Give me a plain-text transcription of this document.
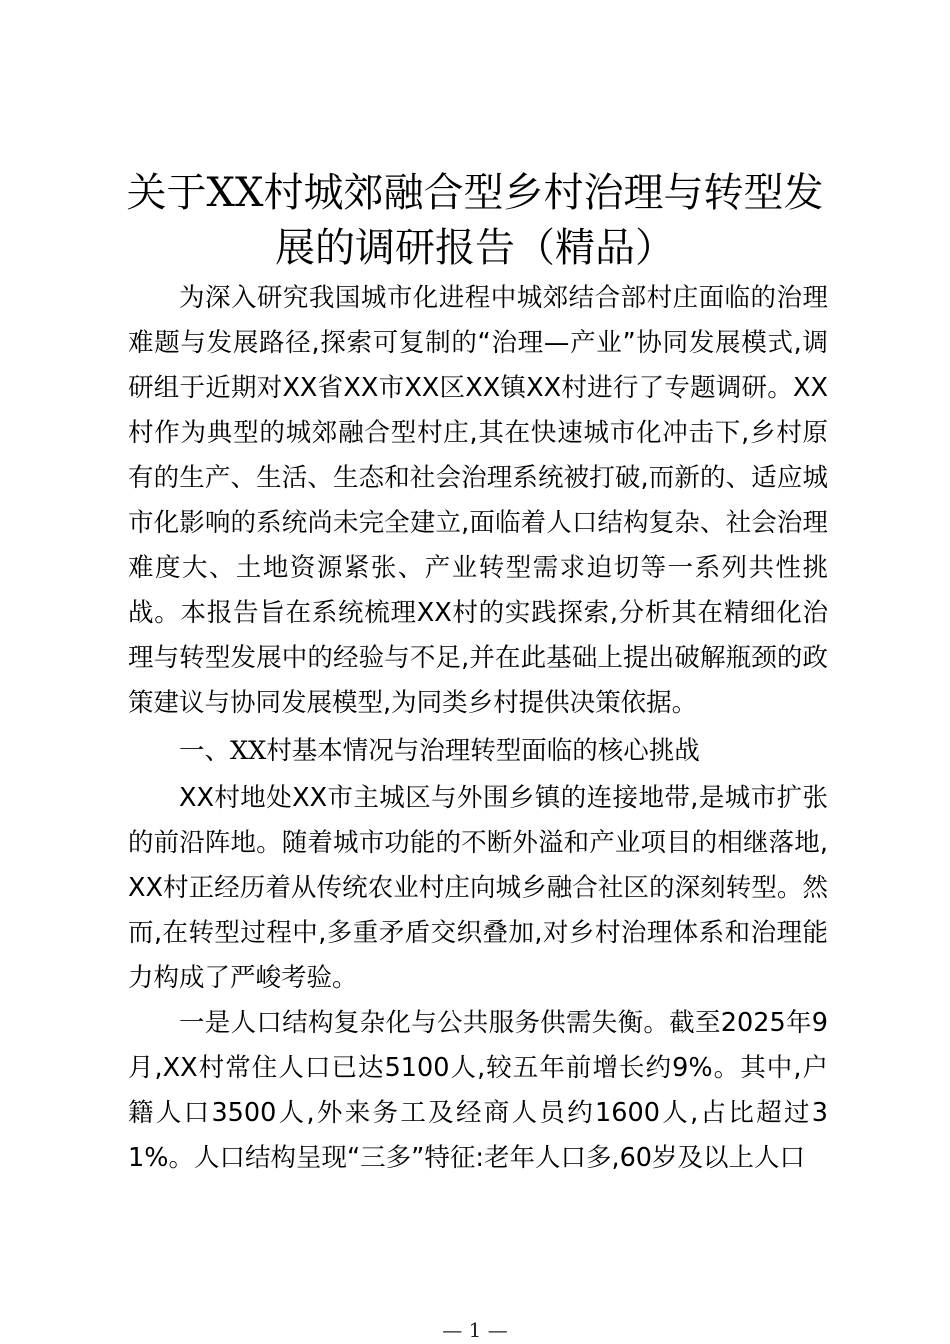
关于XX村城郊融合型乡村治理与转型发展的调研报告（精品）

为深入研究我国城市化进程中城郊结合部村庄面临的治理难题与发展路径,探索可复制的“治理—产业”协同发展模式,调研组于近期对XX省XX市XX区XX镇XX村进行了专题调研。XX村作为典型的城郊融合型村庄,其在快速城市化冲击下,乡村原有的生产、生活、生态和社会治理系统被打破,而新的、适应城市化影响的系统尚未完全建立,面临着人口结构复杂、社会治理难度大、土地资源紧张、产业转型需求迫切等一系列共性挑战。本报告旨在系统梳理XX村的实践探索,分析其在精细化治理与转型发展中的经验与不足,并在此基础上提出破解瓶颈的政策建议与协同发展模型,为同类乡村提供决策依据。

一、XX村基本情况与治理转型面临的核心挑战

XX村地处XX市主城区与外围乡镇的连接地带,是城市扩张的前沿阵地。随着城市功能的不断外溢和产业项目的相继落地,XX村正经历着从传统农业村庄向城乡融合社区的深刻转型。然而,在转型过程中,多重矛盾交织叠加,对乡村治理体系和治理能力构成了严峻考验。

一是人口结构复杂化与公共服务供需失衡。截至2025年9月,XX村常住人口已达5100人,较五年前增长约9%。其中,户籍人口3500人,外来务工及经商人员约1600人,占比超过31%。人口结构呈现“三多”特征:老年人口多,60岁及以上人口

— 1 —
